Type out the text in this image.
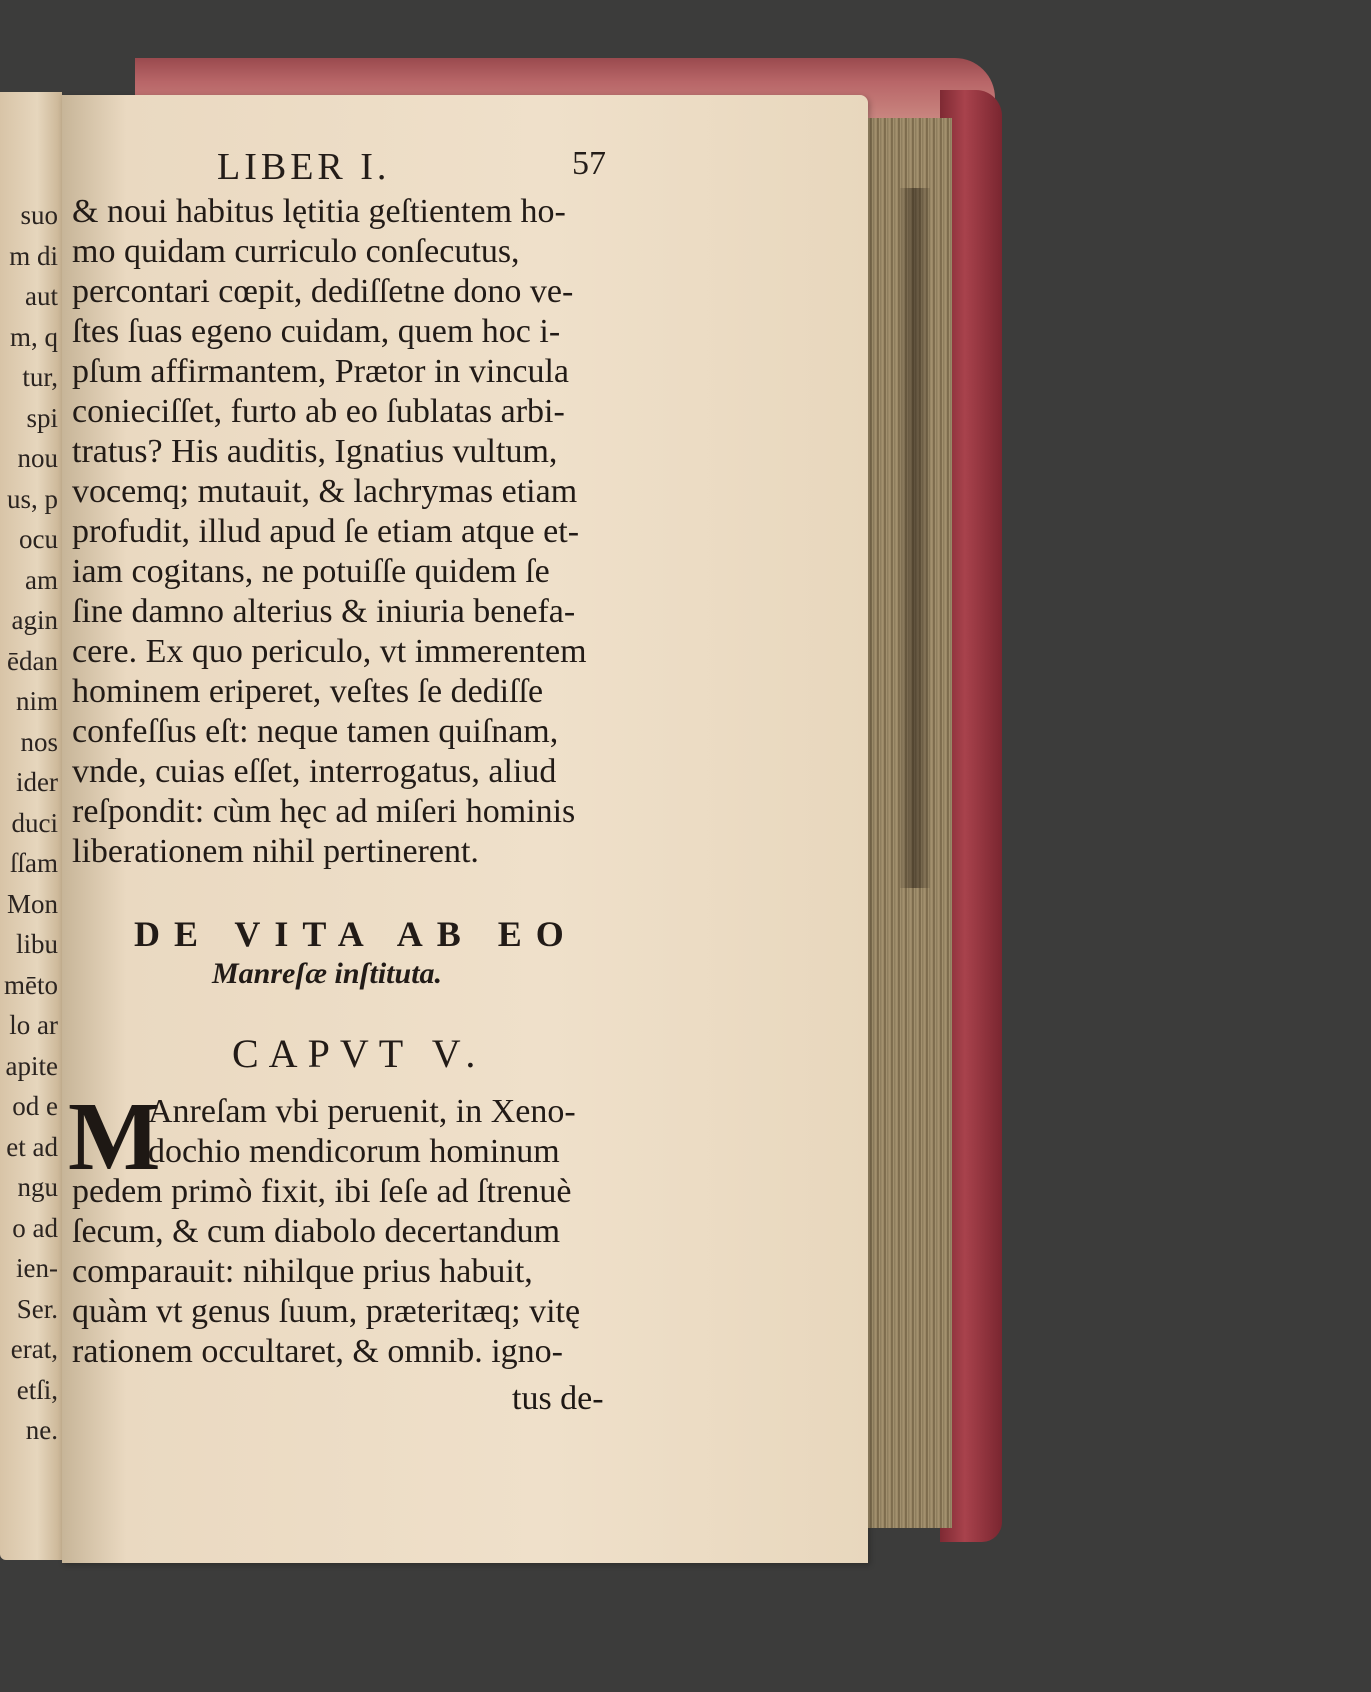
suo
m di
aut
m, q
tur,
spi
nou
us, p
ocu
am
agin
ēdan
nim
nos
ider
duci
ſſam
Mon
libu
mēto
lo ar
apite
od e
et ad
ngu
o ad
ien-
Ser.
erat,
etſi,
ne.
LIBER I.	57
& noui habitus lętitia geſtientem ho-
mo quidam curriculo conſecutus,
percontari cœpit, dediſſetne dono ve-
ſtes ſuas egeno cuidam, quem hoc i-
pſum affirmantem, Prætor in vincula
conieciſſet, furto ab eo ſublatas arbi-
tratus? His auditis, Ignatius vultum,
vocemq; mutauit, & lachrymas etiam
profudit, illud apud ſe etiam atque et-
iam cogitans, ne potuiſſe quidem ſe
ſine damno alterius & iniuria benefa-
cere. Ex quo periculo, vt immerentem
hominem eriperet, veſtes ſe dediſſe
confeſſus eſt: neque tamen quiſnam,
vnde, cuias eſſet, interrogatus, aliud
reſpondit: cùm hęc ad miſeri hominis
liberationem nihil pertinerent.
DE VITA AB EO
Manreſæ inſtituta.
CAPVT V.
M
Anreſam vbi peruenit, in Xeno-
dochio mendicorum hominum
pedem primò fixit, ibi ſeſe ad ſtrenuè
ſecum, & cum diabolo decertandum
comparauit: nihilque prius habuit,
quàm vt genus ſuum, præteritæq; vitę
rationem occultaret, & omnib. igno-
tus de-
